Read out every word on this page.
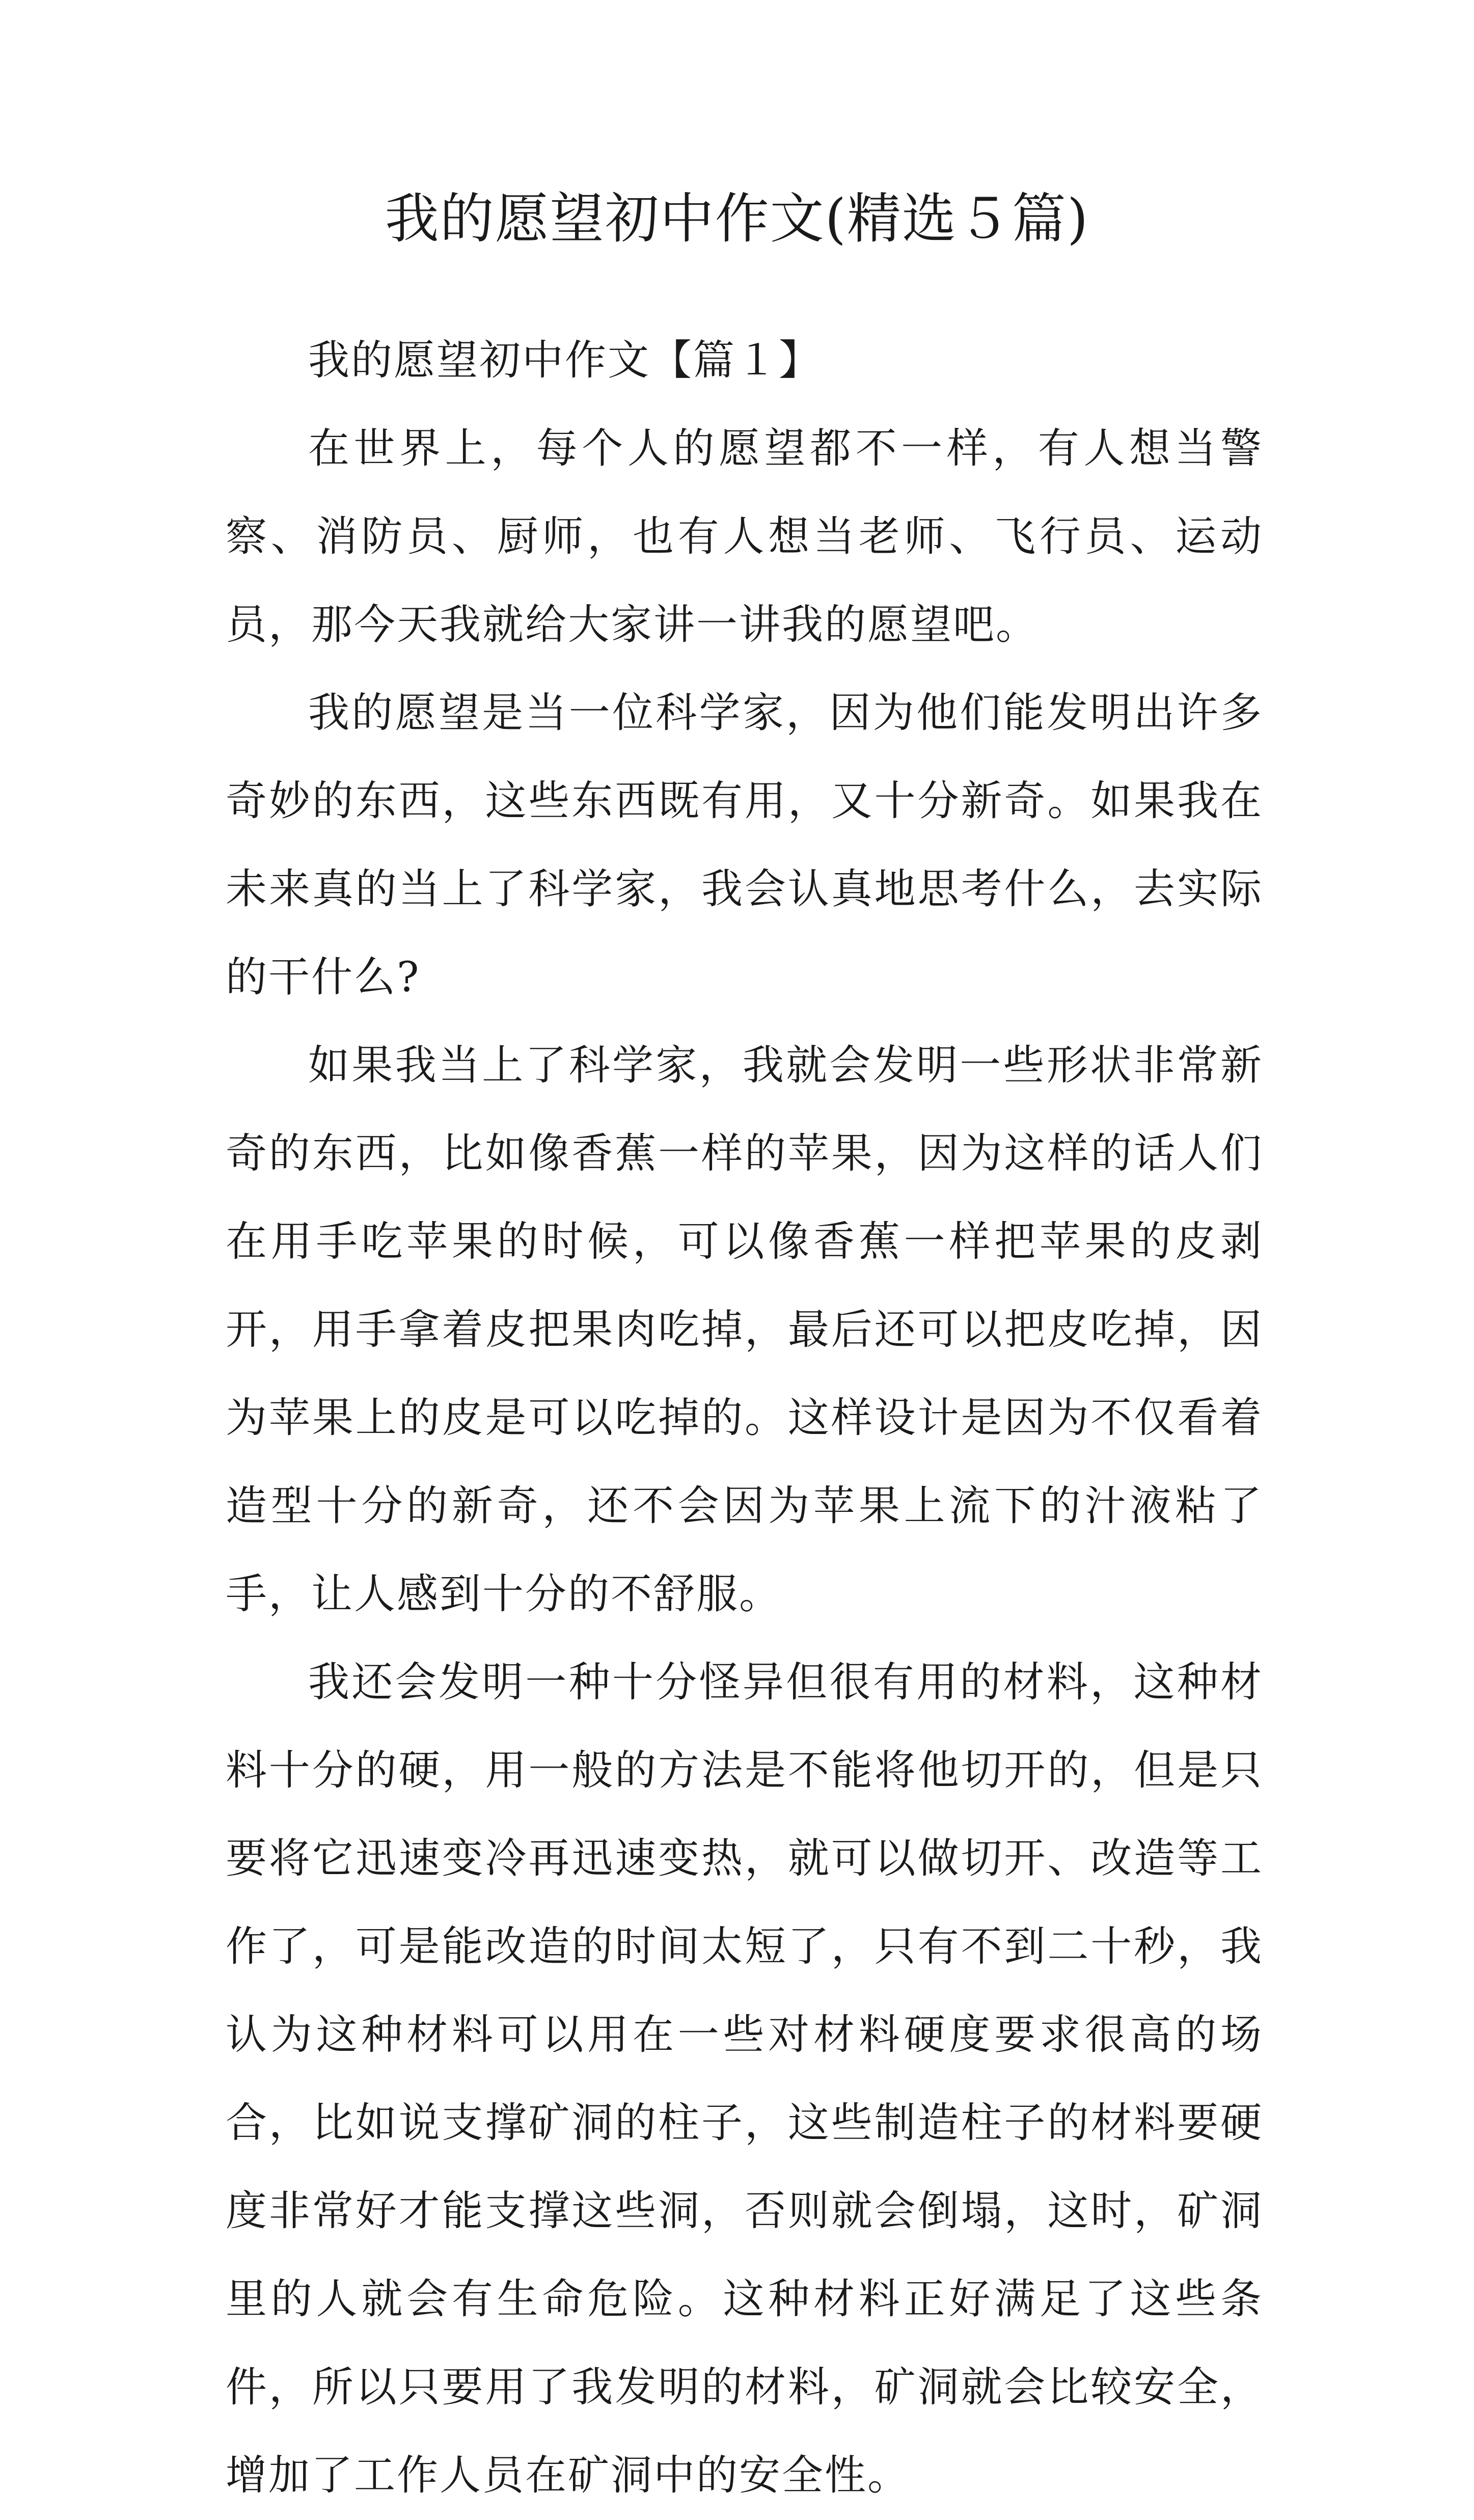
我的愿望初中作文(精选５篇)

我的愿望初中作文【篇１】

在世界上，每个人的愿望都不一样，有人想当警察、消防员、厨师，也有人想当老师、飞行员、运动员，那今天我就给大家讲一讲我的愿望吧。

我的愿望是当一位科学家，因为他们能发明出许多奇妙的东西，这些东西既有用，又十分新奇。如果我在未来真的当上了科学家，我会认真地思考什么，去实际的干什么?

如果我当上了科学家，我就会发明一些形状非常新奇的东西，比如像香蕉一样的苹果，因为这样的话人们在用手吃苹果的时候，可以像香蕉一样把苹果的皮剥开，用手拿着皮把果肉吃掉，最后还可以把皮吃掉，因为苹果上的皮是可以吃掉的。这样设计是因为不仅看着造型十分的新奇，还不会因为苹果上流下的汁液粘了手，让人感到十分的不舒服。

我还会发明一种十分怪异但很有用的材料，这种材料十分的硬，用一般的方法是不能将他切开的，但是只要将它迅速变冷再迅速变热，就可以做切开、改造等工作了，可是能改造的时间太短了，只有不到二十秒，我认为这种材料可以用在一些对材料硬度要求很高的场合，比如说支撑矿洞的柱子，这些制造柱子的材料要硬度非常好才能支撑这些洞，否则就会倒塌，这时，矿洞里的人就会有生命危险。这种材料正好满足了这些条件，所以只要用了我发明的材料，矿洞就会比较安全，增加了工作人员在矿洞中的安全性。
